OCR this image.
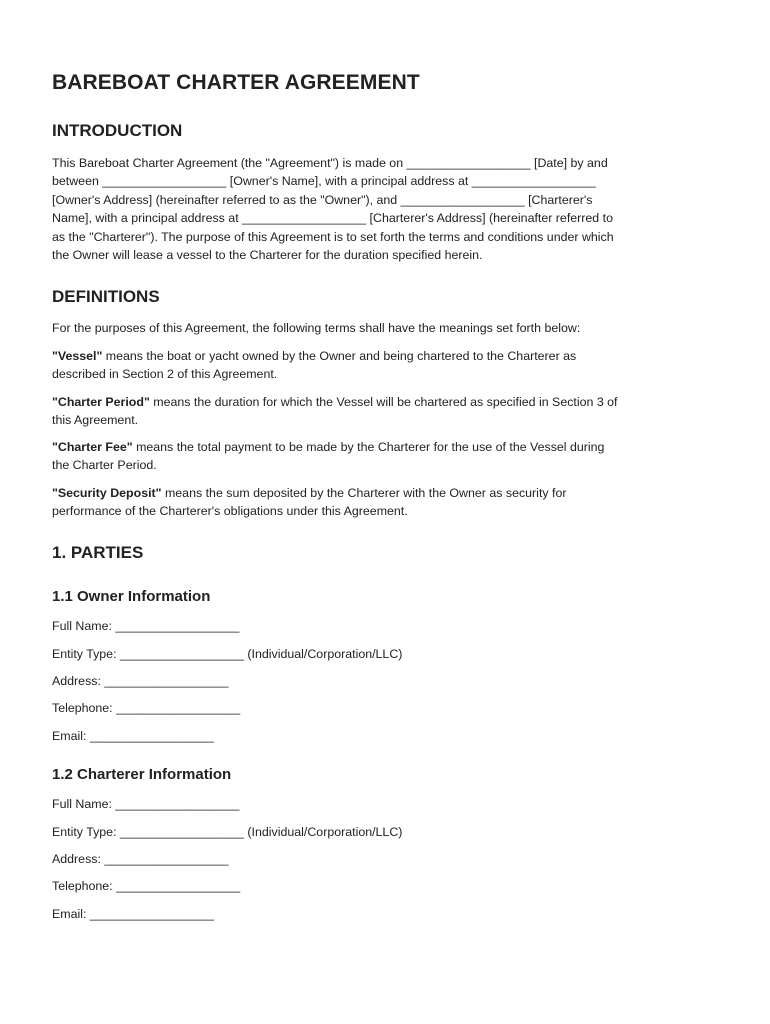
BAREBOAT CHARTER AGREEMENT
INTRODUCTION

This Bareboat Charter Agreement (the "Agreement") is made on __________________ [Date] by and

between __________________ [Owner's Name], with a principal address at __________________

[Owner's Address] (hereinafter referred to as the "Owner"), and __________________ [Charterer's

Name], with a principal address at __________________ [Charterer's Address] (hereinafter referred to

as the "Charterer"). The purpose of this Agreement is to set forth the terms and conditions under which

the Owner will lease a vessel to the Charterer for the duration specified herein.

DEFINITIONS

For the purposes of this Agreement, the following terms shall have the meanings set forth below:

"Vessel" means the boat or yacht owned by the Owner and being chartered to the Charterer as

described in Section 2 of this Agreement.

"Charter Period" means the duration for which the Vessel will be chartered as specified in Section 3 of

this Agreement.

"Charter Fee" means the total payment to be made by the Charterer for the use of the Vessel during

the Charter Period.

"Security Deposit" means the sum deposited by the Charterer with the Owner as security for

performance of the Charterer's obligations under this Agreement.

1. PARTIES
1.1 Owner Information
Full Name: __________________
Entity Type: __________________ (Individual/Corporation/LLC)
Address: __________________
Telephone: __________________
Email: __________________
1.2 Charterer Information
Full Name: __________________
Entity Type: __________________ (Individual/Corporation/LLC)
Address: __________________
Telephone: __________________
Email: __________________
